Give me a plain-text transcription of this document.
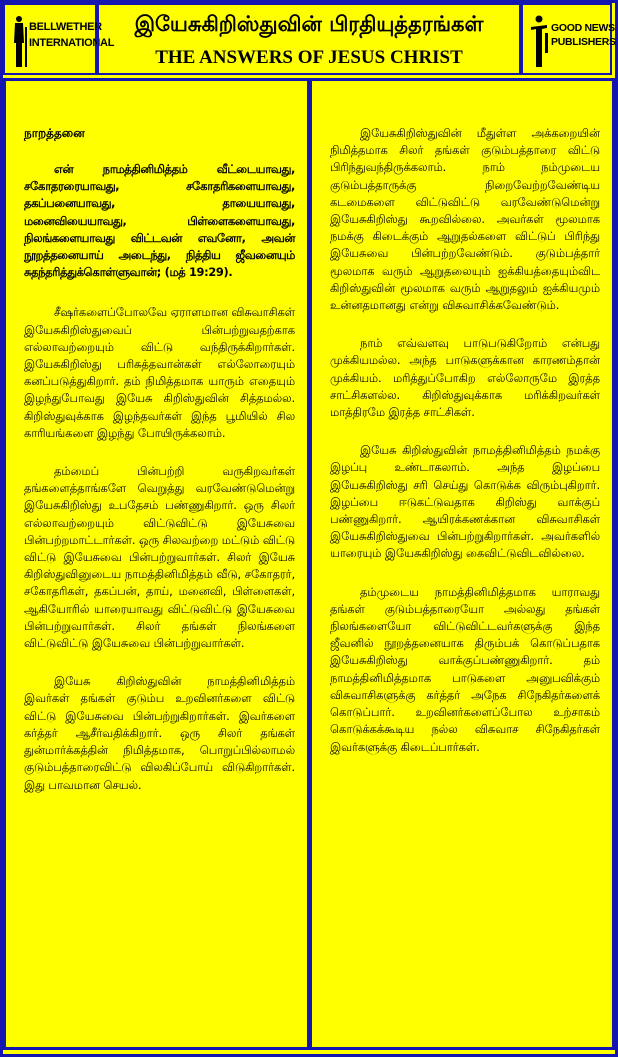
BELLWETHER
INTERNATIONAL
இயேசுகிறிஸ்துவின் பிரதியுத்தரங்கள்
THE ANSWERS OF JESUS CHRIST
GOOD NEWS
PUBLISHERS
நாறத்தனை

என் நாமத்தினிமித்தம் வீட்டையாவது, சகோதரரையாவது, சகோதரிகளையாவது, தகப்பனையாவது, தாயையாவது, மனைவியையாவது, பிள்ளைகளையாவது, நிலங்களையாவது விட்டவன் எவனோ, அவன் நூறத்தனையாய் அடைந்து, நித்திய ஜீவனையும் சுதந்தரித்துக்கொள்ளுவான்; (மத் 19:29).

சீஷர்களைப்போலவே ஏராளமான விசுவாசிகள் இயேசுகிறிஸ்துவைப் பின்பற்றுவதற்காக எல்லாவற்றையும் விட்டு வந்திருக்கிறார்கள். இயேசுகிறிஸ்து பரிசுத்தவான்கள் எல்லோரையும் கனப்படுத்துகிறார். தம் நிமித்தமாக யாரும் எதையும் இழந்துபோவது இயேசு கிறிஸ்துவின் சித்தமல்ல. கிறிஸ்துவுக்காக இழந்தவர்கள் இந்த பூமியில் சில காரியங்களை இழந்து போயிருக்கலாம்.

தம்மைப் பின்பற்றி வருகிறவர்கள் தங்களைத்தாங்களே வெறுத்து வரவேண்டுமென்று இயேசுகிறிஸ்து உபதேசம் பண்ணுகிறார். ஒரு சிலர் எல்லாவற்றையும் விட்டுவிட்டு இயேசுவை பின்பற்றமாட்டார்கள். ஒரு சிலவற்றை மட்டும் விட்டு விட்டு இயேசுவை பின்பற்றுவார்கள். சிலர் இயேசு கிறிஸ்துவினுடைய நாமத்தினிமித்தம் வீடு, சகோதரர், சகோதரிகள், தகப்பன், தாய், மனைவி, பிள்ளைகள், ஆகியோரில் யாரையாவது விட்டுவிட்டு இயேசுவை பின்பற்றுவார்கள். சிலர் தங்கள் நிலங்களை விட்டுவிட்டு இயேசுவை பின்பற்றுவார்கள்.

இயேசு கிறிஸ்துவின் நாமத்தினிமித்தம் இவர்கள் தங்கள் குடும்ப உறவினர்களை விட்டு விட்டு இயேசுவை பின்பற்றுகிறார்கள். இவர்களை கர்த்தர் ஆசீர்வதிக்கிறார். ஒரு சிலர் தங்கள் துன்மார்க்கத்தின் நிமித்தமாக, பொறுப்பில்லாமல் குடும்பத்தாரைவிட்டு விலகிப்போய் விடுகிறார்கள். இது பாவமான செயல்.

இயேசுகிறிஸ்துவின் மீதுள்ள அக்கறையின் நிமித்தமாக சிலர் தங்கள் குடும்பத்தாரை விட்டு பிரிந்துவந்திருக்கலாம். நாம் நம்முடைய குடும்பத்தாருக்கு நிறைவேற்றவேண்டிய கடமைகளை விட்டுவிட்டு வரவேண்டுமென்று இயேசுகிறிஸ்து கூறவில்லை. அவர்கள் மூலமாக நமக்கு கிடைக்கும் ஆறுதல்களை விட்டுப் பிரிந்து இயேசுவை பின்பற்றவேண்டும். குடும்பத்தார் மூலமாக வரும் ஆறுதலையும் ஐக்கியத்தையும்விட கிறிஸ்துவின் மூலமாக வரும் ஆறுதலும் ஐக்கியமும் உன்னதமானது என்று விசுவாசிக்கவேண்டும்.

நாம் எவ்வளவு பாடுபடுகிறோம் என்பது முக்கியமல்ல. அந்த பாடுகளுக்கான காரணம்தான் முக்கியம். மரித்துப்போகிற எல்லோருமே இரத்த சாட்சிகளல்ல. கிறிஸ்துவுக்காக மரிக்கிறவர்கள் மாத்திரமே இரத்த சாட்சிகள்.

இயேசு கிறிஸ்துவின் நாமத்தினிமித்தம் நமக்கு இழப்பு உண்டாகலாம். அந்த இழப்பை இயேசுகிறிஸ்து சரி செய்து கொடுக்க விரும்புகிறார். இழப்பை ஈடுகட்டுவதாக கிறிஸ்து வாக்குப் பண்ணுகிறார். ஆயிரக்கணக்கான விசுவாசிகள் இயேசுகிறிஸ்துவை பின்பற்றுகிறார்கள். அவர்களில் யாரையும் இயேசுகிறிஸ்து கைவிட்டுவிடவில்லை.

தம்முடைய நாமத்தினிமித்தமாக யாராவது தங்கள் குடும்பத்தாரையோ அல்லது தங்கள் நிலங்களையோ விட்டுவிட்டவர்களுக்கு இந்த ஜீவனில் நூறத்தனையாக திரும்பக் கொடுப்பதாக இயேசுகிறிஸ்து வாக்குப்பண்ணுகிறார். தம் நாமத்தினிமித்தமாக பாடுகளை அனுபவிக்கும் விசுவாசிகளுக்கு கர்த்தர் அநேக சிநேகிதர்களைக் கொடுப்பார். உறவினர்களைப்போல உற்சாகம் கொடுக்கக்கூடிய நல்ல விசுவாச சிநேகிதர்கள் இவர்களுக்கு கிடைப்பார்கள்.
